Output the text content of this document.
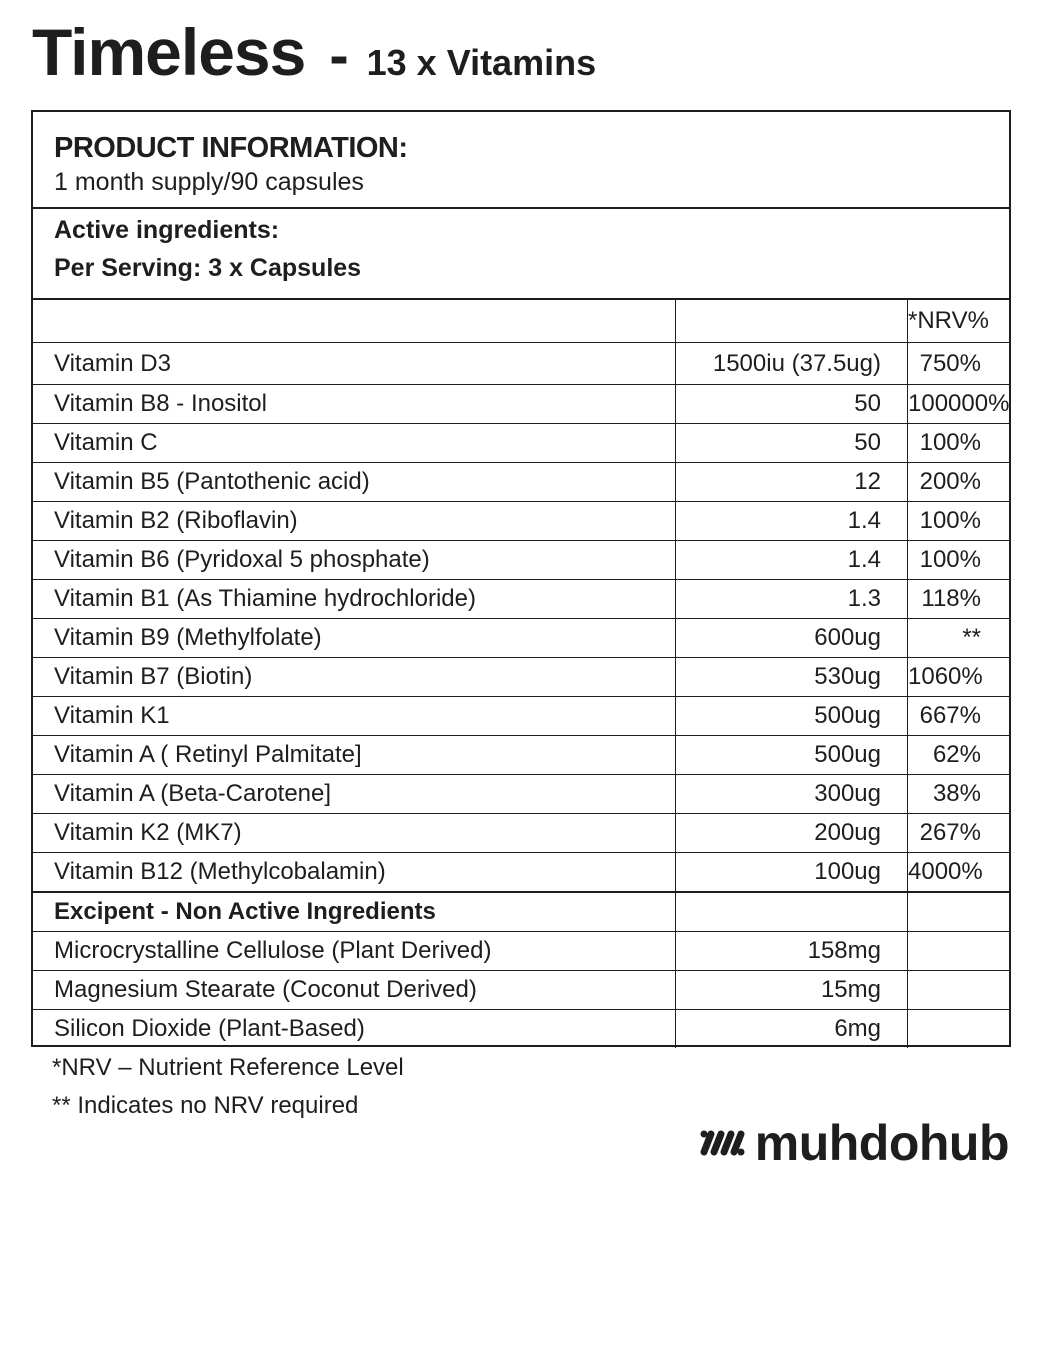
Timeless - 13 x Vitamins
PRODUCT INFORMATION:
1 month supply/90 capsules
Active ingredients:
Per Serving: 3 x Capsules
		*NRV%
Vitamin D3	1500iu (37.5ug)	750%
Vitamin B8 - Inositol	50	100000%
Vitamin C	50	100%
Vitamin B5 (Pantothenic acid)	12	200%
Vitamin B2 (Riboflavin)	1.4	100%
Vitamin B6 (Pyridoxal 5 phosphate)	1.4	100%
Vitamin B1 (As Thiamine hydrochloride)	1.3	118%
Vitamin B9 (Methylfolate)	600ug	**
Vitamin B7 (Biotin)	530ug	1060%
Vitamin K1	500ug	667%
Vitamin A ( Retinyl Palmitate]	500ug	62%
Vitamin A (Beta-Carotene]	300ug	38%
Vitamin K2 (MK7)	200ug	267%
Vitamin B12 (Methylcobalamin)	100ug	4000%
Excipent - Non Active Ingredients		
Microcrystalline Cellulose (Plant Derived)	158mg	
Magnesium Stearate (Coconut Derived)	15mg	
Silicon Dioxide (Plant-Based)	6mg	
*NRV – Nutrient Reference Level
** Indicates no NRV required
muhdohub
